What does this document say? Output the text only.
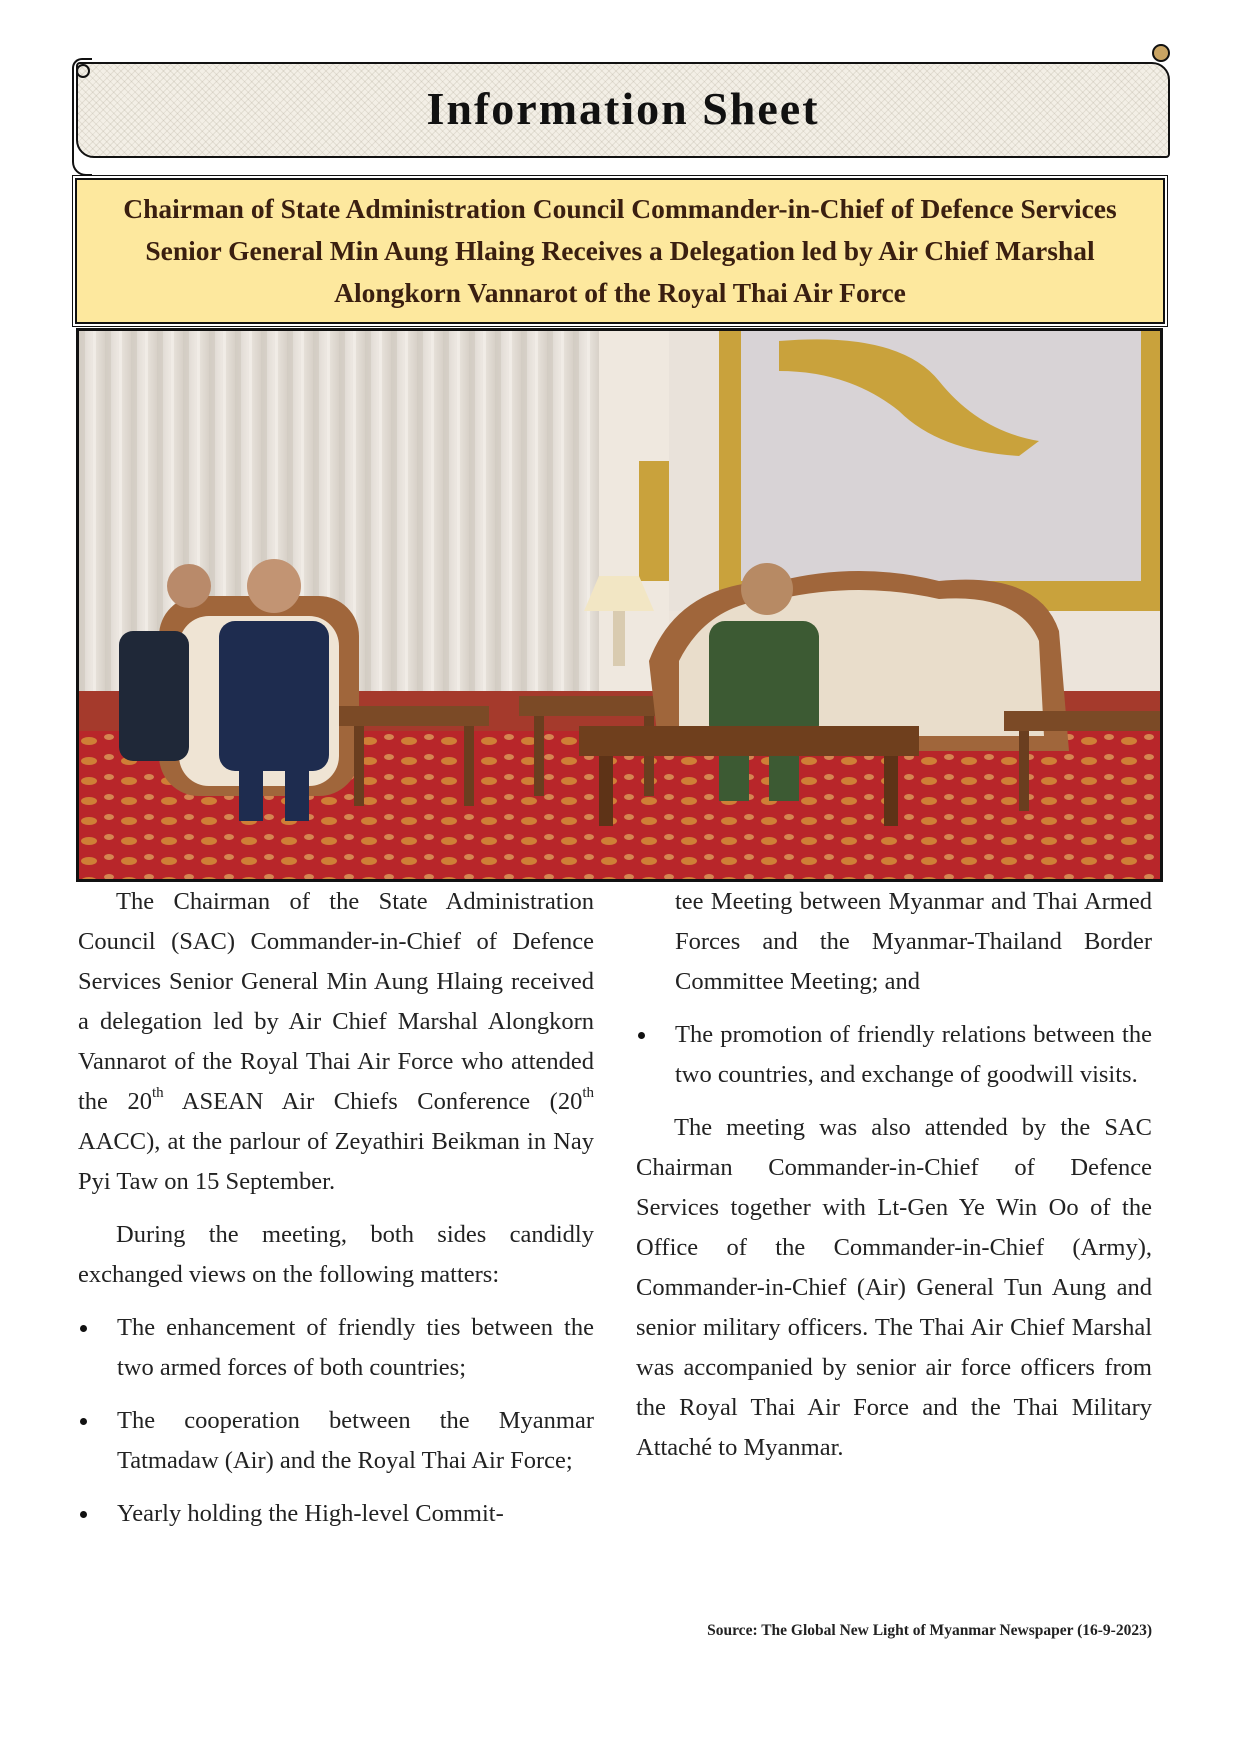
Information Sheet
Chairman of State Administration Council Commander-in-Chief of Defence Services Senior General Min Aung Hlaing Receives a Delegation led by Air Chief Marshal Alongkorn Vannarot of the Royal Thai Air Force

The Chairman of the State Administration Council (SAC) Commander-in-Chief of Defence Services Senior General Min Aung Hlaing received a delegation led by Air Chief Marshal Alongkorn Vannarot of the Royal Thai Air Force who attended the 20th ASEAN Air Chiefs Conference (20th AACC), at the parlour of Zeyathiri Beikman in Nay Pyi Taw on 15 September.

During the meeting, both sides candidly exchanged views on the following matters:

The enhancement of friendly ties between the two armed forces of both countries;
The cooperation between the Myanmar Tatmadaw (Air) and the Royal Thai Air Force;
Yearly holding the High-level Commit-
tee Meeting between Myanmar and Thai Armed Forces and the Myanmar-Thailand Border Committee Meeting; and
The promotion of friendly relations between the two countries, and exchange of goodwill visits.

The meeting was also attended by the SAC Chairman Commander-in-Chief of Defence Services together with Lt-Gen Ye Win Oo of the Office of the Commander-in-Chief (Army), Commander-in-Chief (Air) General Tun Aung and senior military officers. The Thai Air Chief Marshal was accompanied by senior air force officers from the Royal Thai Air Force and the Thai Military Attaché to Myanmar.

Source: The Global New Light of Myanmar Newspaper (16-9-2023)
